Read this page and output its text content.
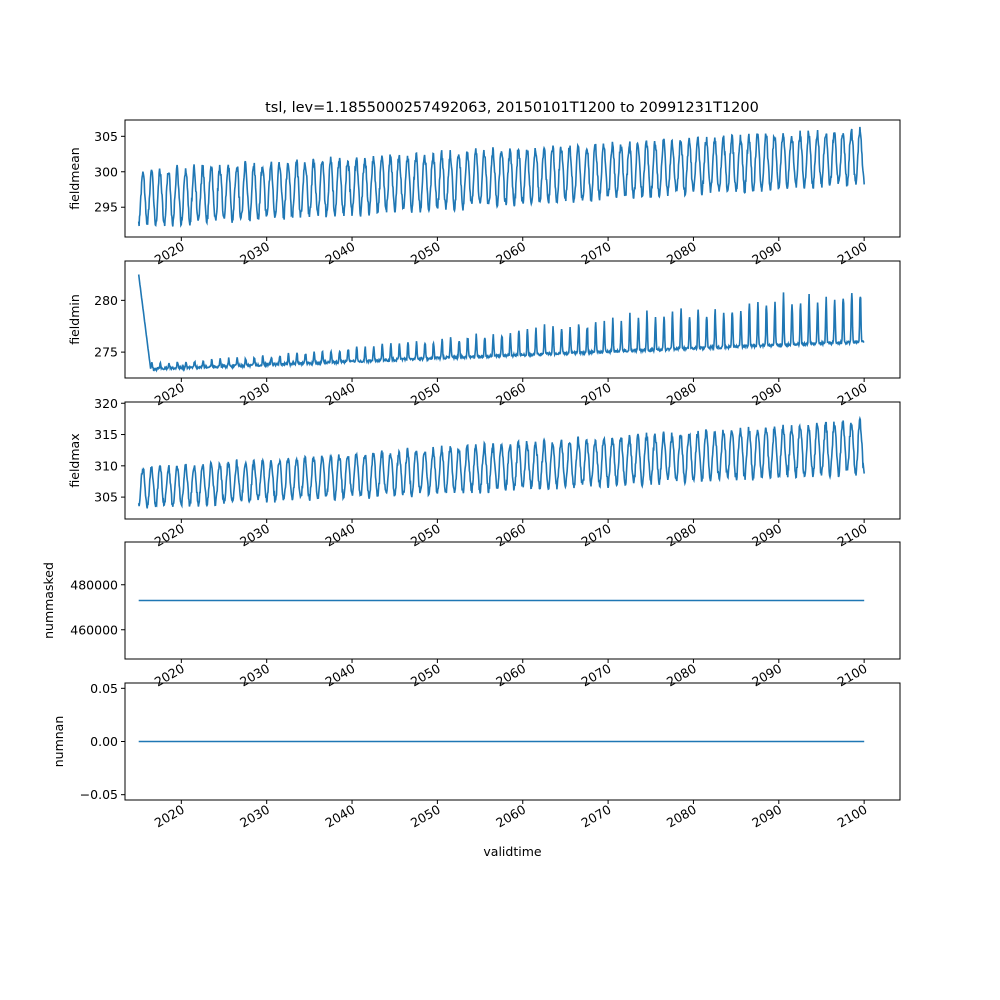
tsl, lev=1.1855000257492063, 20150101T1200 to 20991231T1200
295
300
305
fieldmean
2020	2030	2040	2050	2060	2070	2080	2090	2100
275
280
fieldmin
2020	2030	2040	2050	2060	2070	2080	2090	2100
305
310
315
320
fieldmax
2020	2030	2040	2050	2060	2070	2080	2090	2100
460000
480000
nummasked
2020	2030	2040	2050	2060	2070	2080	2090	2100
−0.05
0.00
0.05
numnan
2020	2030	2040	2050	2060	2070	2080	2090	2100
validtime
